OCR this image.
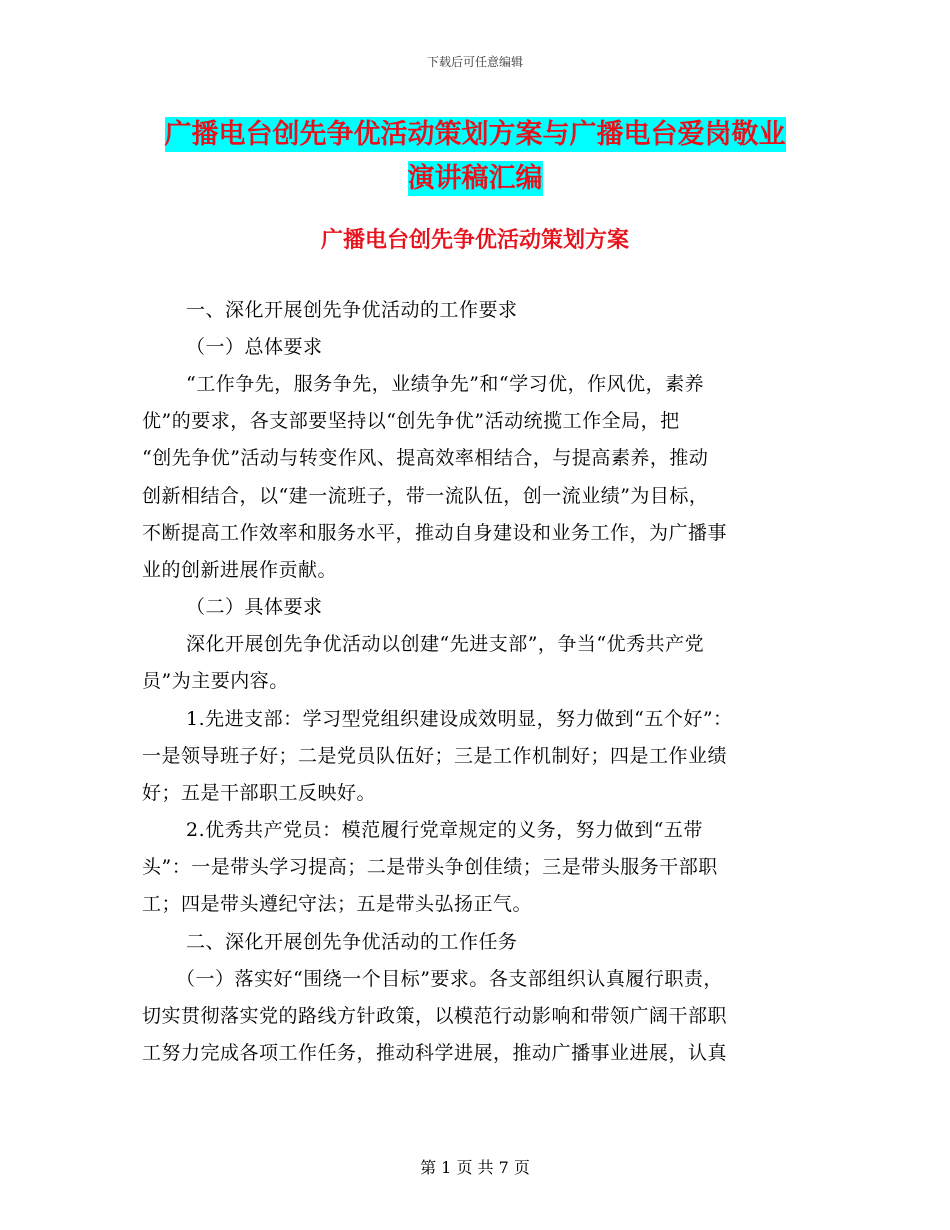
下载后可任意编辑
广播电台创先争优活动策划方案与广播电台爱岗敬业
演讲稿汇编
广播电台创先争优活动策划方案
一、深化开展创先争优活动的工作要求
（一）总体要求
“工作争先，服务争先，业绩争先”和“学习优，作风优，素养
优”的要求，各支部要坚持以“创先争优”活动统揽工作全局，把
“创先争优”活动与转变作风、提高效率相结合，与提高素养，推动
创新相结合，以“建一流班子，带一流队伍，创一流业绩”为目标，
不断提高工作效率和服务水平，推动自身建设和业务工作，为广播事
业的创新进展作贡献。
（二）具体要求
深化开展创先争优活动以创建“先进支部”，争当“优秀共产党
员”为主要内容。
1.先进支部：学习型党组织建设成效明显，努力做到“五个好”：
一是领导班子好；二是党员队伍好；三是工作机制好；四是工作业绩
好；五是干部职工反映好。
2.优秀共产党员：模范履行党章规定的义务，努力做到“五带
头”：一是带头学习提高；二是带头争创佳绩；三是带头服务干部职
工；四是带头遵纪守法；五是带头弘扬正气。
二、深化开展创先争优活动的工作任务
（一）落实好“围绕一个目标”要求。各支部组织认真履行职责，
切实贯彻落实党的路线方针政策，以模范行动影响和带领广阔干部职
工努力完成各项工作任务，推动科学进展，推动广播事业进展，认真
第 1 页 共 7 页
